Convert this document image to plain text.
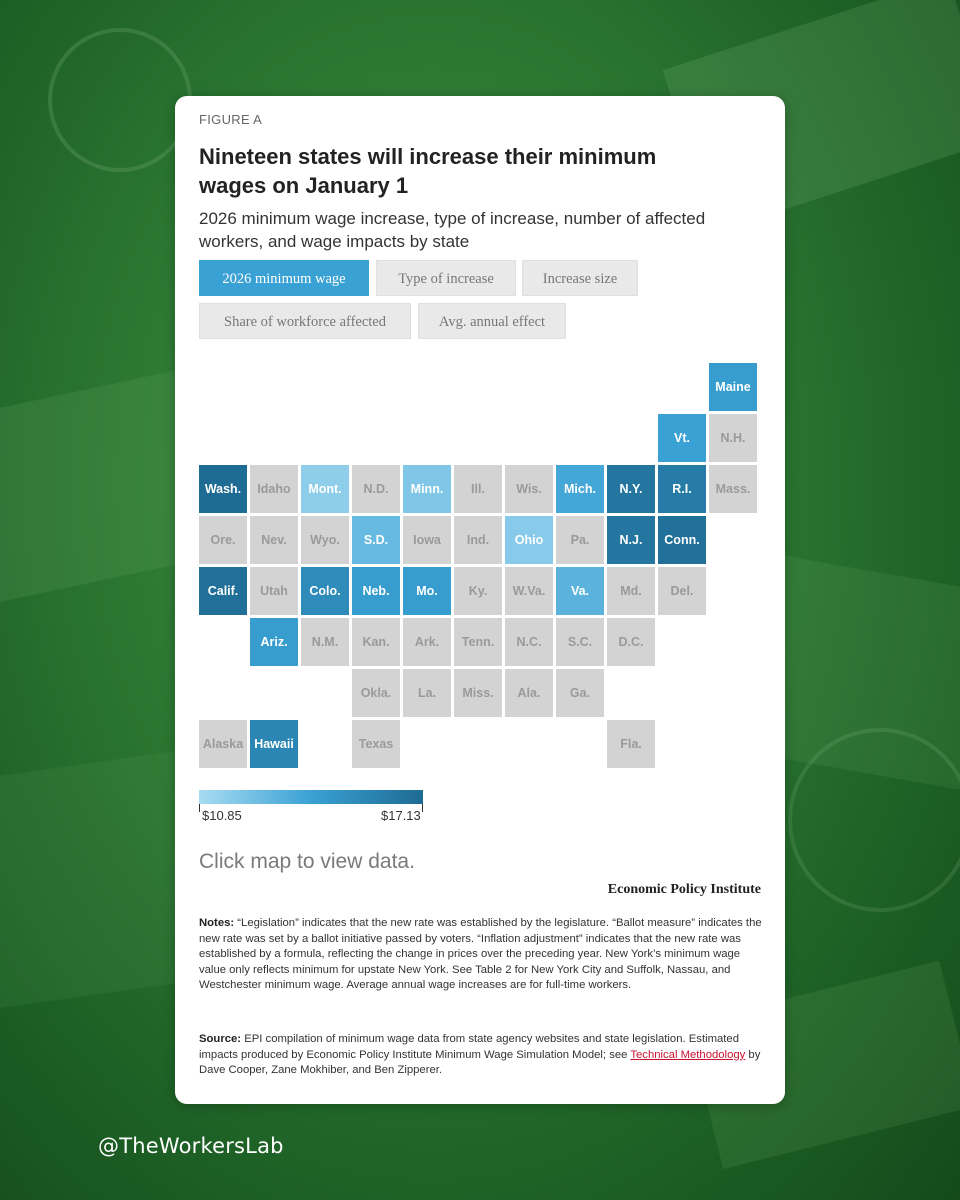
@TheWorkersLab
FIGURE A
Nineteen states will increase their minimum wages on January 1
2026 minimum wage increase, type of increase, number of affected workers, and wage impacts by state
2026 minimum wage	Type of increase	Increase size
Share of workforce affected	Avg. annual effect
Maine
Vt.	N.H.
Wash.	Idaho	Mont.	N.D.	Minn.	Ill.	Wis.	Mich.	N.Y.	R.I.	Mass.
Ore.	Nev.	Wyo.	S.D.	Iowa	Ind.	Ohio	Pa.	N.J.	Conn.
Calif.	Utah	Colo.	Neb.	Mo.	Ky.	W.Va.	Va.	Md.	Del.
Ariz.	N.M.	Kan.	Ark.	Tenn.	N.C.	S.C.	D.C.
Okla.	La.	Miss.	Ala.	Ga.
Alaska Hawaii	Texas	Fla.
$10.85	$17.13
Click map to view data.
Economic Policy Institute
Notes: “Legislation” indicates that the new rate was established by the legislature. “Ballot measure” indicates the new rate was set by a ballot initiative passed by voters. “Inflation adjustment” indicates that the new rate was established by a formula, reflecting the change in prices over the preceding year. New York’s minimum wage value only reflects minimum for upstate New York. See Table 2 for New York City and Suffolk, Nassau, and Westchester minimum wage. Average annual wage increases are for full-time workers.
Source: EPI compilation of minimum wage data from state agency websites and state legislation. Estimated impacts produced by Economic Policy Institute Minimum Wage Simulation Model; see Technical Methodology by Dave Cooper, Zane Mokhiber, and Ben Zipperer.
